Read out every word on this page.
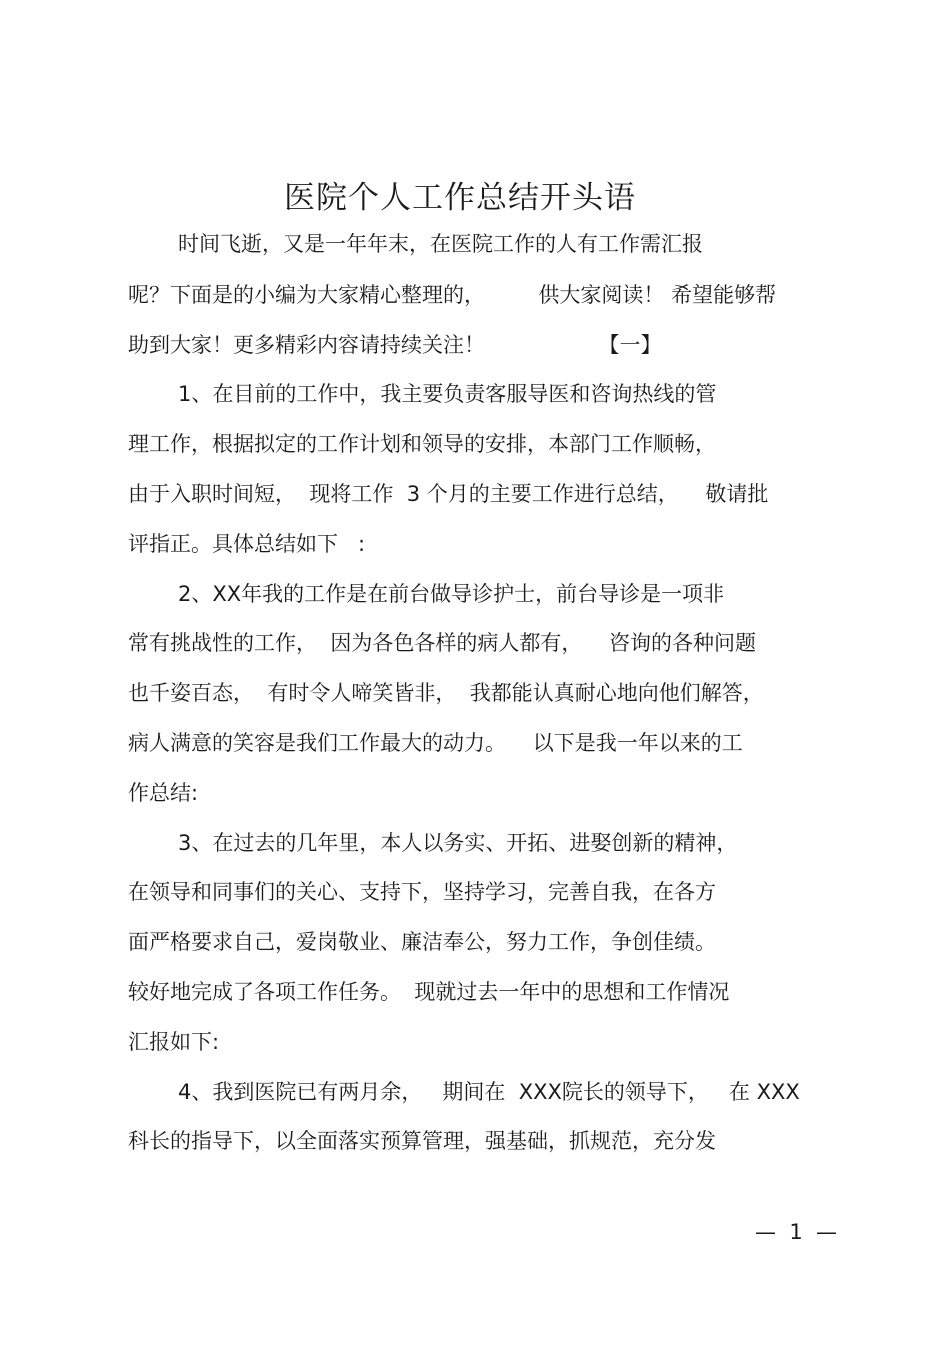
医院个人工作总结开头语
时间飞逝，又是一年年末，在医院工作的人有工作需汇报
呢？下面是的小编为大家精心整理的，        供大家阅读！ 希望能够帮
助到大家！更多精彩内容请持续关注！                 【一】
1、在目前的工作中，我主要负责客服导医和咨询热线的管
理工作，根据拟定的工作计划和领导的安排，本部门工作顺畅，
由于入职时间短，  现将工作  3 个月的主要工作进行总结，    敬请批
评指正。具体总结如下   :
2、XX年我的工作是在前台做导诊护士，前台导诊是一项非
常有挑战性的工作，  因为各色各样的病人都有，    咨询的各种问题
也千姿百态，  有时令人啼笑皆非，  我都能认真耐心地向他们解答，
病人满意的笑容是我们工作最大的动力。    以下是我一年以来的工
作总结:
3、在过去的几年里，本人以务实、开拓、进娶创新的精神，
在领导和同事们的关心、支持下，坚持学习，完善自我，在各方
面严格要求自己，爱岗敬业、廉洁奉公，努力工作，争创佳绩。
较好地完成了各项工作任务。  现就过去一年中的思想和工作情况
汇报如下:
4、我到医院已有两月余，   期间在  XXX院长的领导下，   在 XXX
科长的指导下，以全面落实预算管理，强基础，抓规范，充分发
—  1  —
